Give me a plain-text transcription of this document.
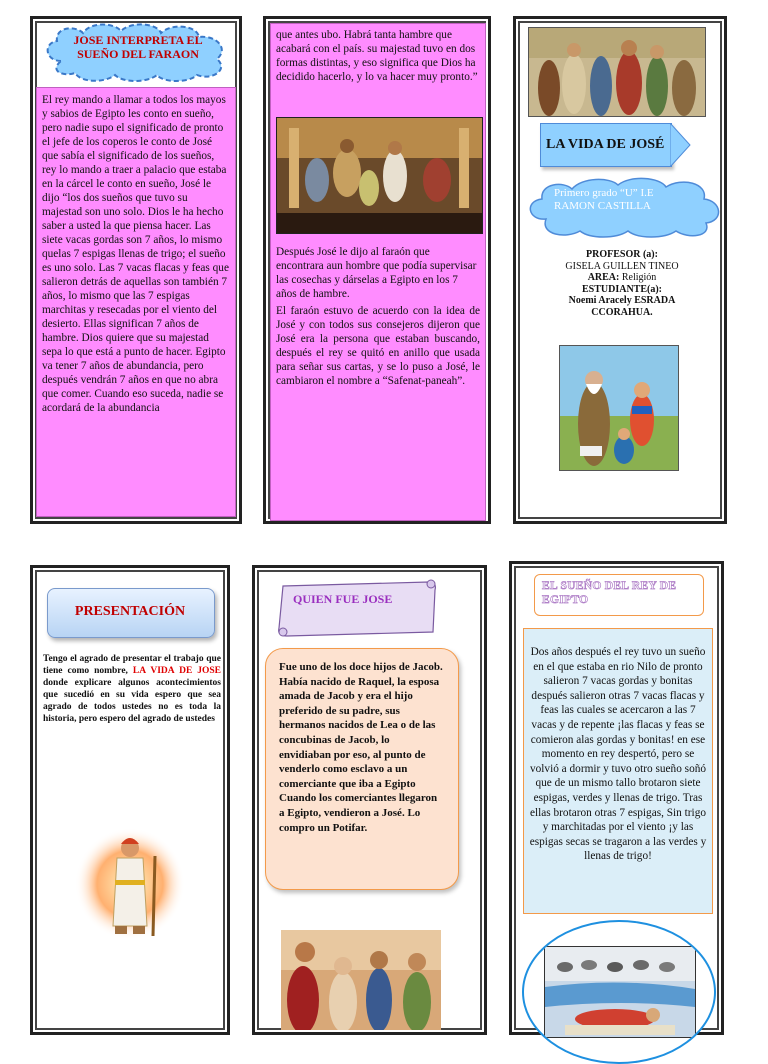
JOSE INTERPRETA EL SUEÑO DEL FARAON
El rey mando a llamar a todos los mayos y sabios de Egipto les conto en sueño, pero nadie supo el significado de pronto el jefe de los coperos le conto de José que sabía el significado de los sueños, rey lo mando a traer a palacio que estaba en la cárcel le conto en sueño, José le dijo “los dos sueños que tuvo su majestad son uno solo. Dios le ha hecho saber a usted la que piensa hacer. Las siete vacas gordas son 7 años, lo mismo quelas 7 espigas llenas de trigo; el sueño es uno solo. Las 7 vacas flacas y feas que salieron detrás de aquellas son también 7 años, lo mismo que las 7 espigas marchitas y resecadas por el viento del desierto. Ellas significan 7 años de hambre. Dios quiere que su majestad sepa lo que está a punto de hacer. Egipto va tener 7 años de abundancia, pero después vendrán 7 años en que no abra que comer. Cuando eso suceda, nadie se acordará de la abundancia
que antes ubo. Habrá tanta hambre que acabará con el país. su majestad tuvo en dos formas distintas, y eso significa que Dios ha decidido hacerlo, y lo va hacer muy pronto.”
Después José le dijo al faraón que encontrara aun hombre que podía supervisar las cosechas y dárselas a Egipto en los 7 años de hambre.
El faraón estuvo de acuerdo con la idea de José y con todos sus consejeros dijeron que José era la persona que estaban buscando, después el rey se quitó en anillo que usada para señar sus cartas, y se lo puso a José, le cambiaron el nombre a “Safenat-paneah”.
LA VIDA DE JOSÉ
Primero grado “U” I.E RAMON CASTILLA
PROFESOR (a):
GISELA GUILLEN TINEO
AREA: Religión
ESTUDIANTE(a):
Noemi Aracely ESRADA CCORAHUA.
PRESENTACIÓN
Tengo el agrado de presentar el trabajo que tiene como nombre, LA VIDA DE JOSE donde explicare algunos acontecimientos que sucedió en su vida espero que sea agrado de todos ustedes no es toda la historia, pero espero del agrado de ustedes
QUIEN FUE JOSE
Fue uno de los doce hijos de Jacob. Había nacido de Raquel, la esposa amada de Jacob y era el hijo preferido de su padre, sus hermanos nacidos de Lea o de las concubinas de Jacob, lo envidiaban por eso, al punto de venderlo como esclavo a un comerciante que iba a Egipto Cuando los comerciantes llegaron a Egipto, vendieron a José. Lo compro un Potifar.
EL SUEÑO DEL REY DE EGIPTO
Dos años después el rey tuvo un sueño en el que estaba en rio Nilo de pronto salieron 7 vacas gordas y bonitas después salieron otras 7 vacas flacas y feas las cuales se acercaron a las 7 vacas y de repente ¡las flacas y feas se comieron alas gordas y bonitas! en ese momento en rey despertó, pero se volvió a dormir y tuvo otro sueño soñó que de un mismo tallo brotaron siete espigas, verdes y llenas de trigo. Tras ellas brotaron otras 7 espigas, Sin trigo y marchitadas por el viento ¡y las espigas secas se tragaron a las verdes y llenas de trigo!
